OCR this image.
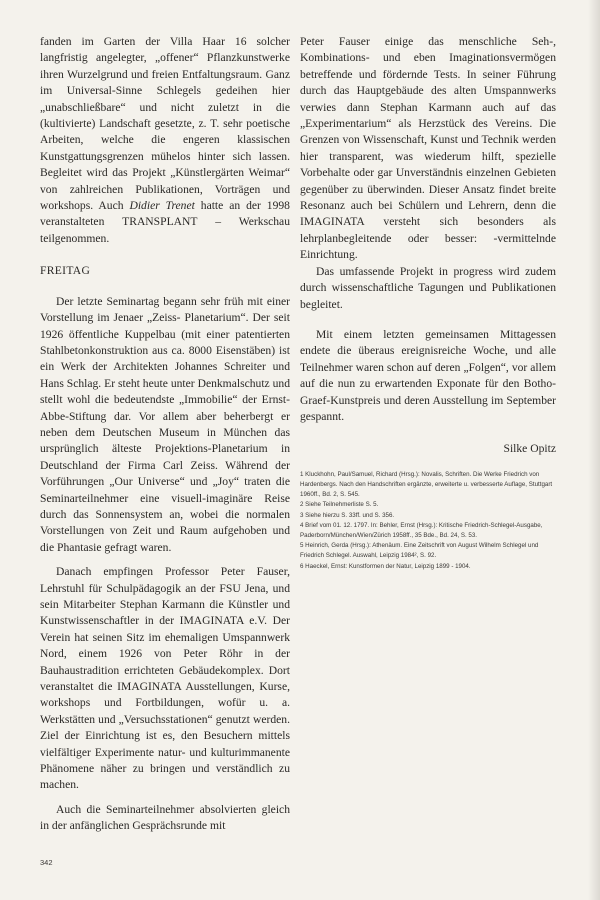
fanden im Garten der Villa Haar 16 solcher langfristig angelegter, „offener“ Pflanzkunstwerke ihren Wurzelgrund und freien Entfaltungsraum. Ganz im Universal-Sinne Schlegels gedeihen hier „unabschließbare“ und nicht zuletzt in die (kultivierte) Landschaft gesetzte, z. T. sehr poetische Arbeiten, welche die engeren klassischen Kunstgattungsgrenzen mühelos hinter sich lassen. Begleitet wird das Projekt „Künstlergärten Weimar“ von zahlreichen Publikationen, Vorträgen und workshops. Auch Didier Trenet hatte an der 1998 veranstalteten TRANSPLANT – Werkschau teilgenommen.

FREITAG

Der letzte Seminartag begann sehr früh mit einer Vorstellung im Jenaer „Zeiss- Planetarium“. Der seit 1926 öffentliche Kuppelbau (mit einer patentierten Stahlbetonkonstruktion aus ca. 8000 Eisenstäben) ist ein Werk der Architekten Johannes Schreiter und Hans Schlag. Er steht heute unter Denkmalschutz und stellt wohl die bedeutendste „Immobilie“ der Ernst-Abbe-Stiftung dar. Vor allem aber beherbergt er neben dem Deutschen Museum in München das ursprünglich älteste Projektions-Planetarium in Deutschland der Firma Carl Zeiss. Während der Vorführungen „Our Universe“ und „Joy“ traten die Seminarteilnehmer eine visuell-imaginäre Reise durch das Sonnensystem an, wobei die normalen Vorstellungen von Zeit und Raum aufgehoben und die Phantasie gefragt waren.

Danach empfingen Professor Peter Fauser, Lehrstuhl für Schulpädagogik an der FSU Jena, und sein Mitarbeiter Stephan Karmann die Künstler und Kunstwissenschaftler in der IMAGINATA e.V. Der Verein hat seinen Sitz im ehemaligen Umspannwerk Nord, einem 1926 von Peter Röhr in der Bauhaustradition errichteten Gebäudekomplex. Dort veranstaltet die IMAGINATA Ausstellungen, Kurse, workshops und Fortbildungen, wofür u. a. Werkstätten und „Versuchsstationen“ genutzt werden. Ziel der Einrichtung ist es, den Besuchern mittels vielfältiger Experimente natur- und kulturimmanente Phänomene näher zu bringen und verständlich zu machen.

Auch die Seminarteilnehmer absolvierten gleich in der anfänglichen Gesprächsrunde mit

Peter Fauser einige das menschliche Seh-, Kombinations- und eben Imaginationsvermögen betreffende und fördernde Tests. In seiner Führung durch das Hauptgebäude des alten Umspannwerks verwies dann Stephan Karmann auch auf das „Experimentarium“ als Herzstück des Vereins. Die Grenzen von Wissenschaft, Kunst und Technik werden hier transparent, was wiederum hilft, spezielle Vorbehalte oder gar Unverständnis einzelnen Gebieten gegenüber zu überwinden. Dieser Ansatz findet breite Resonanz auch bei Schülern und Lehrern, denn die IMAGINATA versteht sich besonders als lehrplanbegleitende oder besser: -vermittelnde Einrichtung.

Das umfassende Projekt in progress wird zudem durch wissenschaftliche Tagungen und Publikationen begleitet.

Mit einem letzten gemeinsamen Mittagessen endete die überaus ereignisreiche Woche, und alle Teilnehmer waren schon auf deren „Folgen“, vor allem auf die nun zu erwartenden Exponate für den Botho-Graef-Kunstpreis und deren Ausstellung im September gespannt.

Silke Opitz
1 Kluckhohn, Paul/Samuel, Richard (Hrsg.): Novalis, Schriften. Die Werke Friedrich von Hardenbergs. Nach den Handschriften ergänzte, erweiterte u. verbesserte Auflage, Stuttgart 1960ff., Bd. 2, S. 545.
2 Siehe Teilnehmerliste S. 5.
3 Siehe hierzu S. 33ff. und S. 356.
4 Brief vom 01. 12. 1797. In: Behler, Ernst (Hrsg.): Kritische Friedrich-Schlegel-Ausgabe, Paderborn/München/Wien/Zürich 1958ff., 35 Bde., Bd. 24, S. 53.
5 Heinrich, Gerda (Hrsg.): Athenäum. Eine Zeitschrift von August Wilhelm Schlegel und Friedrich Schlegel. Auswahl, Leipzig 1984², S. 92.
6 Haeckel, Ernst: Kunstformen der Natur, Leipzig 1899 - 1904.
342
